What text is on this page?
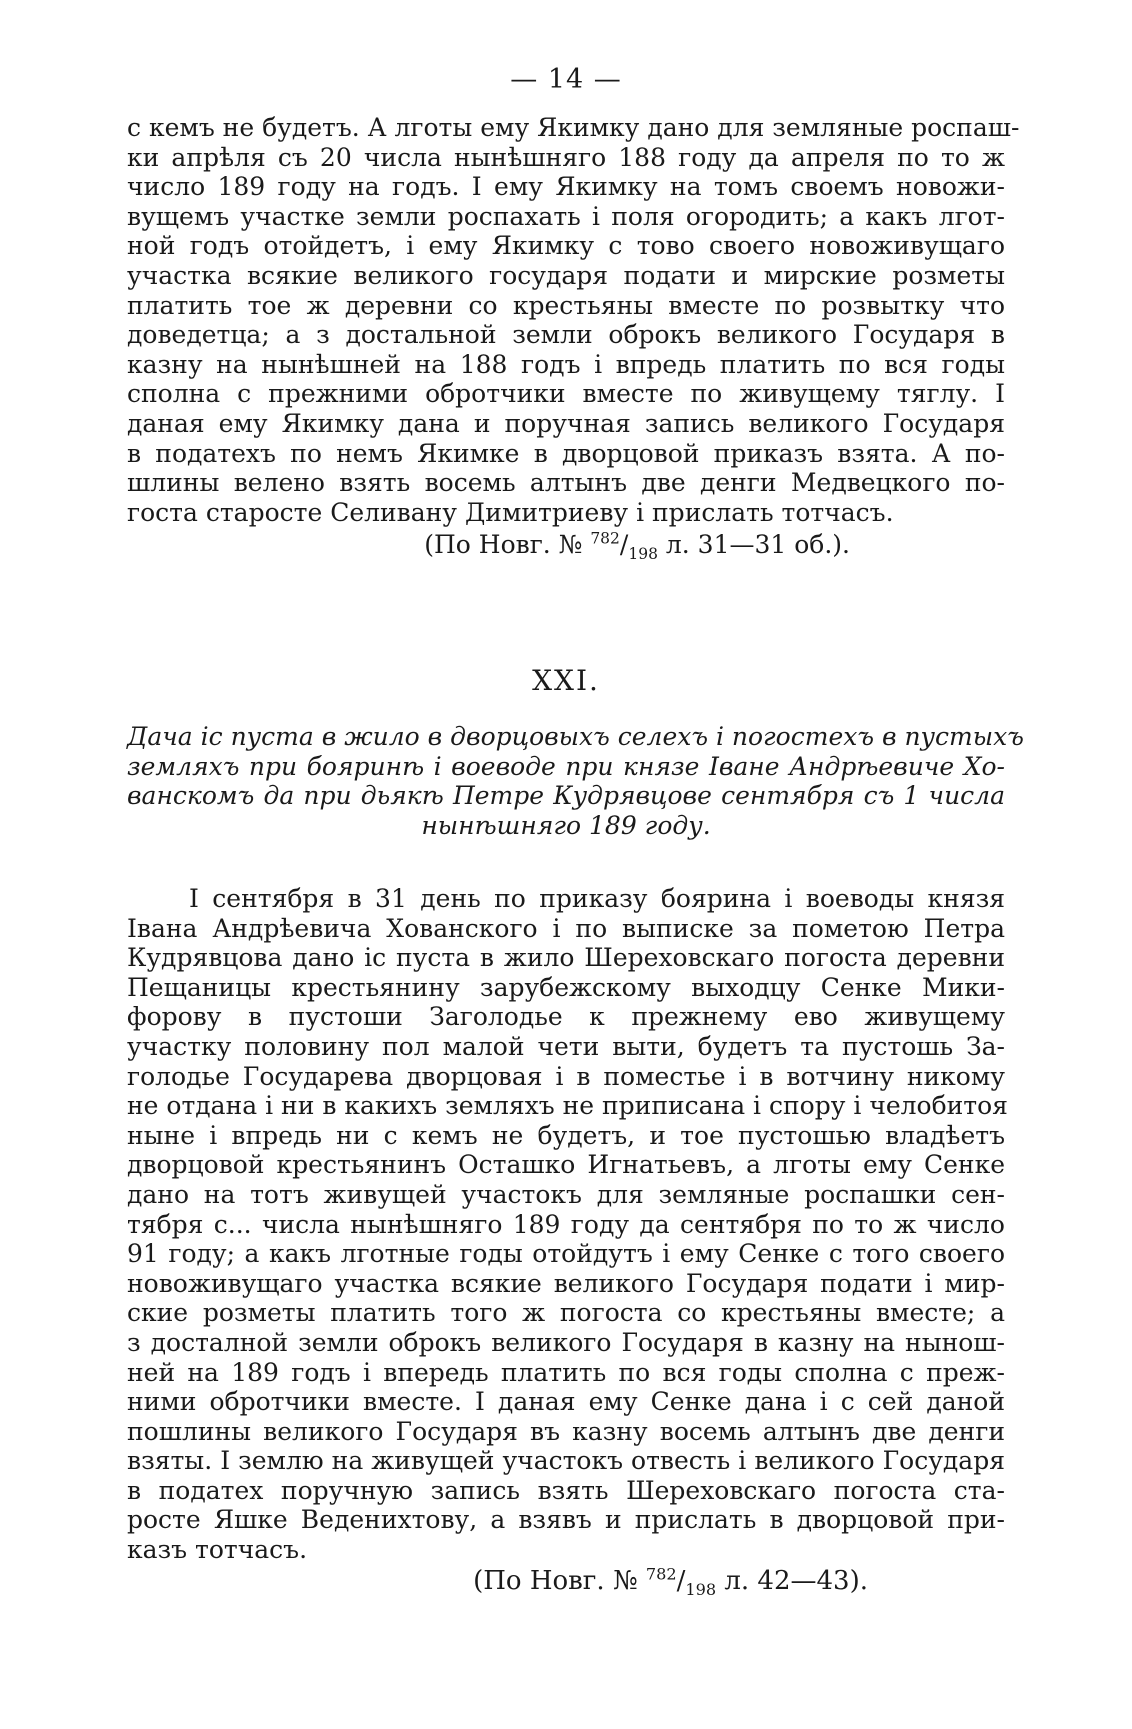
— 14 —
с кемъ не будетъ. А лготы ему Якимку дано для земляные роспаш-
ки апрѣля съ 20 числа нынѣшняго 188 году да апреля по то ж
число 189 году на годъ. I ему Якимку на томъ своемъ новожи-
вущемъ участке земли роспахать і поля огородить; а какъ лгот-
ной годъ отойдетъ, і ему Якимку с тово своего новоживущаго
участка всякие великого государя подати и мирские розметы
платить тое ж деревни со крестьяны вместе по розвытку что
доведетца; а з достальной земли оброкъ великого Государя в
казну на нынѣшней на 188 годъ і впредь платить по вся годы
сполна с прежними обротчики вместе по живущему тяглу. I
даная ему Якимку дана и поручная запись великого Государя
в податехъ по немъ Якимке в дворцовой приказъ взята. А по-
шлины велено взять восемь алтынъ две денги Медвецкого по-
госта старосте Селивану Димитриеву і прислать тотчасъ.
(По Новг. № $^{782}/_{198}$ л. 31—31 об.).
XXI.
Дача іс пуста в жило в дворцовыхъ селехъ і погостехъ в пустыхъ
земляхъ при бояринѣ і воеводе при князе Іване Андрѣевиче Хо-
ванскомъ да при дьякѣ Петре Кудрявцове сентября съ 1 числа
нынѣшняго 189 году.
I сентября в 31 день по приказу боярина і воеводы князя
Івана Андрѣевича Хованского і по выписке за пометою Петра
Кудрявцова дано іс пуста в жило Шереховскаго погоста деревни
Пещаницы крестьянину зарубежскому выходцу Сенке Мики-
форову в пустоши Заголодье к прежнему ево живущему
участку половину пол малой чети выти, будетъ та пустошь За-
голодье Государева дворцовая і в поместье і в вотчину никому
не отдана і ни в какихъ земляхъ не приписана і спору і челобитоя
ныне і впредь ни с кемъ не будетъ, и тое пустошью владѣетъ
дворцовой крестьянинъ Осташко Игнатьевъ, а лготы ему Сенке
дано на тотъ живущей участокъ для земляные роспашки сен-
тября с... числа нынѣшняго 189 году да сентября по то ж число
91 году; а какъ лготные годы отойдутъ і ему Сенке с того своего
новоживущаго участка всякие великого Государя подати і мир-
ские розметы платить того ж погоста со крестьяны вместе; а
з досталной земли оброкъ великого Государя в казну на нынош-
ней на 189 годъ і впередь платить по вся годы сполна с преж-
ними обротчики вместе. I даная ему Сенке дана і с сей даной
пошлины великого Государя въ казну восемь алтынъ две денги
взяты. I землю на живущей участокъ отвесть і великого Государя
в податех поручную запись взять Шереховскаго погоста ста-
росте Яшке Веденихтову, а взявъ и прислать в дворцовой при-
казъ тотчасъ.
(По Новг. № $^{782}/_{198}$ л. 42—43).
